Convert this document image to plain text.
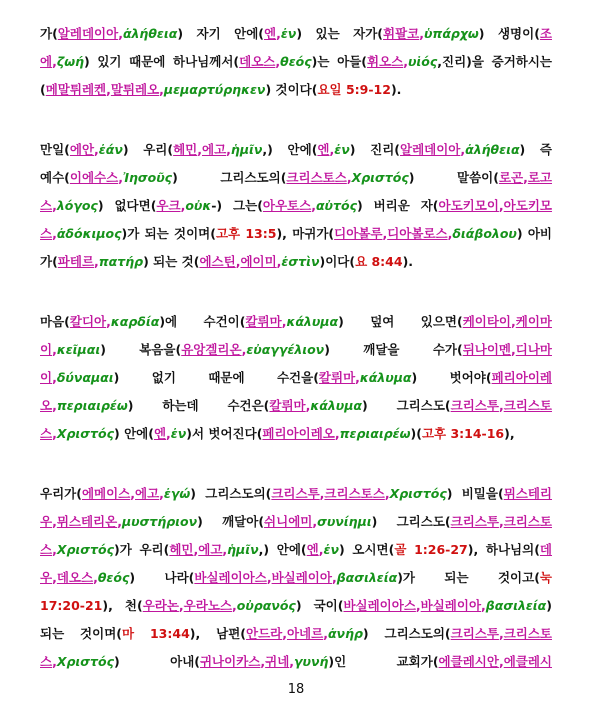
가(알레데이아,ἀλήθεια) 자기 안에(엔,ἐν) 있는 자가(휘팔코,ὑπάρχω) 생명이(조
에,ζωή) 있기 때문에 하나님께서(데오스,θεός)는 아들(휘오스,υἱός,진리)을 증거하시는
(메말튀레켄,말튀레오,μεμαρτύρηκεν) 것이다(요일 5:9-12).
만일(에안,ἐάν) 우리(헤민,에고,ἡμῖν,) 안에(엔,ἐν) 진리(알레데이아,ἀλήθεια) 즉
예수(이에수스,Ἰησοῦς) 그리스도의(크리스토스,Χριστός) 말씀이(로곤,로고
스,λόγος) 없다면(우크,οὐκ-) 그는(아우토스,αὐτός) 버리운 자(아도키모이,아도키모
스,ἀδόκιμος)가 되는 것이며(고후 13:5), 마귀가(디아볼루,디아볼로스,διάβολου) 아비
가(파테르,πατήρ) 되는 것(에스틴,에이미,ἐστὶν)이다(요 8:44).
마음(칼디아,καρδία)에 수건이(칼뤼마,κάλυμα) 덮여 있으면(케이타이,케이마
이,κεῖμαι) 복음을(유앙겔리온,εὐαγγέλιον) 깨달을 수가(뒤나이멘,디나마
이,δύναμαι) 없기 때문에 수건을(칼뤼마,κάλυμα) 벗어야(페리아이레
오,περιαιρέω) 하는데 수건은(칼뤼마,κάλυμα) 그리스도(크리스투,크리스토
스,Χριστός) 안에(엔,ἐν)서 벗어진다(페리아이레오,περιαιρέω)(고후 3:14-16),
우리가(에메이스,에고,ἐγώ) 그리스도의(크리스투,크리스토스,Χριστός) 비밀을(뮈스테리
우,뮈스테리온,μυστήριον) 깨달아(쉬니에미,συνίημι) 그리스도(크리스투,크리스토
스,Χριστός)가 우리(헤민,에고,ἡμῖν,) 안에(엔,ἐν) 오시면(골 1:26-27), 하나님의(데
우,데오스,θεός) 나라(바실레이아스,바실레이아,βασιλεία)가 되는 것이고(눅
17:20-21), 천(우라논,우라노스,οὐρανός) 국이(바실레이아스,바실레이아,βασιλεία)
되는 것이며(마 13:44), 남편(안드라,아네르,ἀνήρ) 그리스도의(크리스투,크리스토
스,Χριστός) 아내(귀나이카스,귀네,γυνή)인 교회가(에클레시안,에클레시
18
